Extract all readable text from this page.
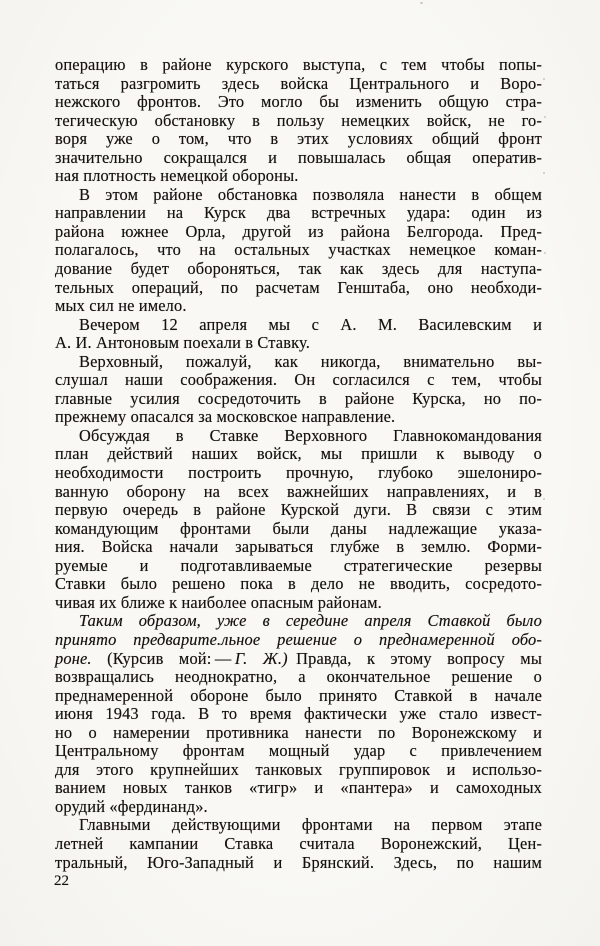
операцию в районе курского выступа, с тем чтобы попы-
таться разгромить здесь войска Центрального и Воро-
нежского фронтов. Это могло бы изменить общую стра-
тегическую обстановку в пользу немецких войск, не го-
воря уже о том, что в этих условиях общий фронт
значительно сокращался и повышалась общая оператив-
ная плотность немецкой обороны.
В этом районе обстановка позволяла нанести в общем
направлении на Курск два встречных удара: один из
района южнее Орла, другой из района Белгорода. Пред-
полагалось, что на остальных участках немецкое коман-
дование будет обороняться, так как здесь для наступа-
тельных операций, по расчетам Генштаба, оно необходи-
мых сил не имело.
Вечером 12 апреля мы с А. М. Василевским и
А. И. Антоновым поехали в Ставку.
Верховный, пожалуй, как никогда, внимательно вы-
слушал наши соображения. Он согласился с тем, чтобы
главные усилия сосредоточить в районе Курска, но по-
прежнему опасался за московское направление.
Обсуждая в Ставке Верховного Главнокомандования
план действий наших войск, мы пришли к выводу о
необходимости построить прочную, глубоко эшелониро-
ванную оборону на всех важнейших направлениях, и в
первую очередь в районе Курской дуги. В связи с этим
командующим фронтами были даны надлежащие указа-
ния. Войска начали зарываться глубже в землю. Форми-
руемые и подготавливаемые стратегические резервы
Ставки было решено пока в дело не вводить, сосредото-
чивая их ближе к наиболее опасным районам.
Таким образом, уже в середине апреля Ставкой было
принято предварите.льное решение о преднамеренной обо-
роне. (Курсив мой: — Г. Ж.) Правда, к этому вопросу мы
возвращались неоднократно, а окончательное решение о
преднамеренной обороне было принято Ставкой в начале
июня 1943 года. В то время фактически уже стало извест-
но о намерении противника нанести по Воронежскому и
Центральному фронтам мощный удар с привлечением
для этого крупнейших танковых группировок и использо-
ванием новых танков «тигр» и «пантера» и самоходных
орудий «фердинанд».
Главными действующими фронтами на первом этапе
летней кампании Ставка считала Воронежский, Цен-
тральный, Юго-Западный и Брянский. Здесь, по нашим
22
